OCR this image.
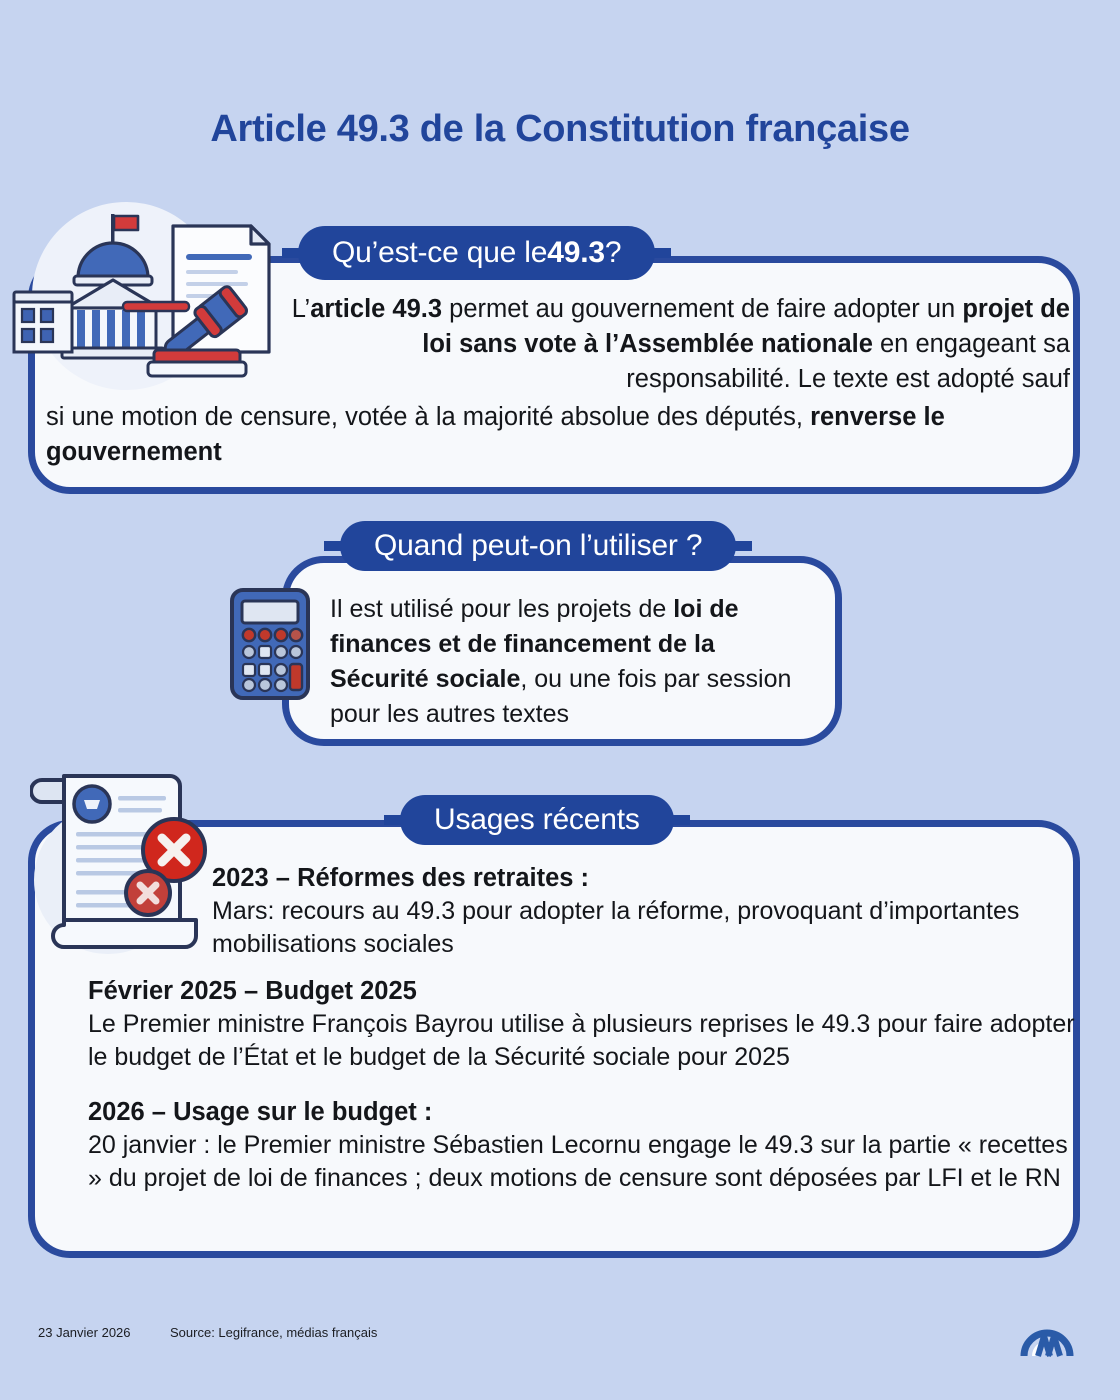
Article 49.3 de la Constitution française
Qu’est-ce que le 49.3 ?
L’article 49.3 permet au gouvernement de faire adopter un projet de loi sans vote à l’Assemblée nationale en engageant sa responsabilité. Le texte est adopté sauf
si une motion de censure, votée à la majorité absolue des députés, renverse le gouvernement
Quand peut-on l’utiliser ?
Il est utilisé pour les projets de loi de finances et de financement de la Sécurité sociale, ou une fois par session pour les autres textes
Usages récents
2023 – Réformes des retraites :
Mars: recours au 49.3 pour adopter la réforme, provoquant d’importantes mobilisations sociales
Février 2025 – Budget 2025
Le Premier ministre François Bayrou utilise à plusieurs reprises le 49.3 pour faire adopter le budget de l’État et le budget de la Sécurité sociale pour 2025
2026 – Usage sur le budget :
20 janvier : le Premier ministre Sébastien Lecornu engage le 49.3 sur la partie « recettes » du projet de loi de finances ; deux motions de censure sont déposées par LFI et le RN
23 Janvier 2026	Source: Legifrance, médias français
